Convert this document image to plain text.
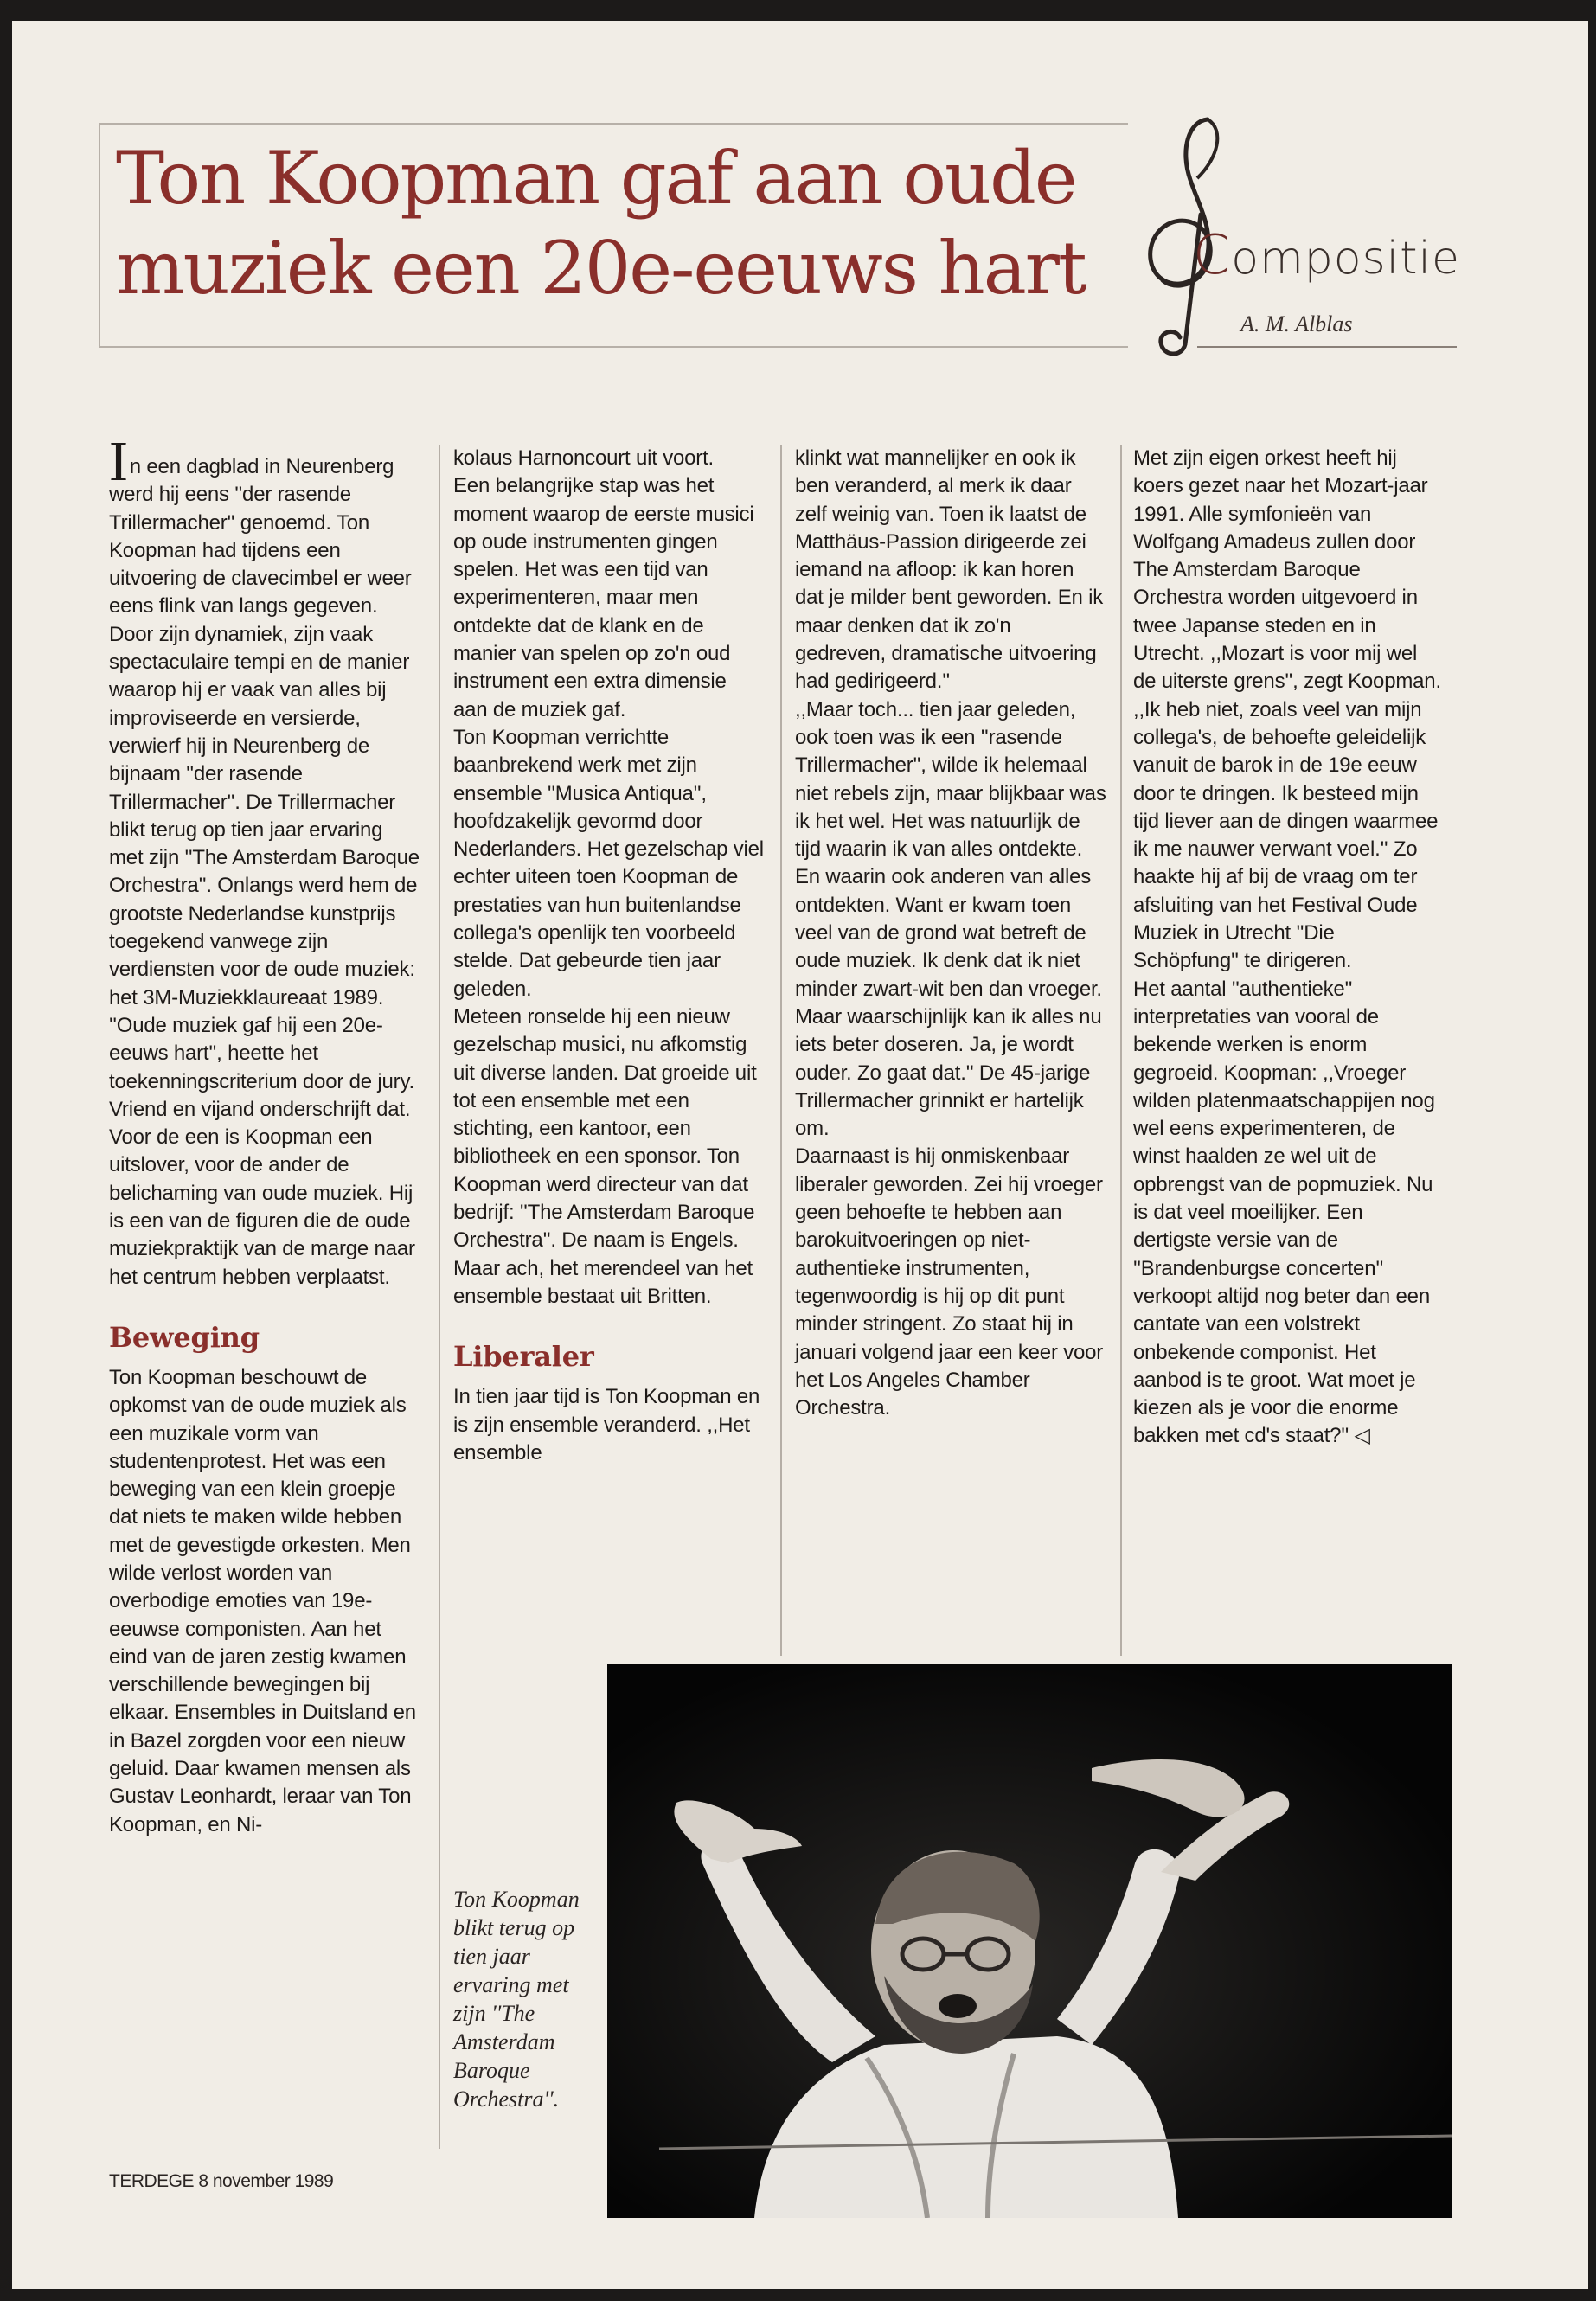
Ton Koopman gaf aan oude
muziek een 20e-eeuws hart	Compositie
A. M. Alblas

In een dagblad in Neurenberg werd hij eens ''der rasende Trillermacher'' genoemd. Ton Koopman had tijdens een uitvoering de clavecimbel er weer eens flink van langs gegeven. Door zijn dynamiek, zijn vaak spectaculaire tempi en de manier waarop hij er vaak van alles bij improviseerde en versierde, verwierf hij in Neurenberg de bijnaam ''der rasende Trillermacher''. De Trillermacher blikt terug op tien jaar ervaring met zijn ''The Amsterdam Baroque Orchestra''. Onlangs werd hem de grootste Nederlandse kunstprijs toegekend vanwege zijn verdiensten voor de oude muziek: het 3M-Muziekklaureaat 1989. ''Oude muziek gaf hij een 20e-eeuws hart'', heette het toekenningscriterium door de jury. Vriend en vijand onderschrijft dat. Voor de een is Koopman een uitslover, voor de ander de belichaming van oude muziek. Hij is een van de figuren die de oude muziekpraktijk van de marge naar het centrum hebben verplaatst.

Beweging

Ton Koopman beschouwt de opkomst van de oude muziek als een muzikale vorm van studentenprotest. Het was een beweging van een klein groepje dat niets te maken wilde hebben met de gevestigde orkesten. Men wilde verlost worden van overbodige emoties van 19e-eeuwse componisten. Aan het eind van de jaren zestig kwamen verschillende bewegingen bij elkaar. Ensembles in Duitsland en in Bazel zorgden voor een nieuw geluid. Daar kwamen mensen als Gustav Leonhardt, leraar van Ton Koopman, en Ni-

kolaus Harnoncourt uit voort.

Een belangrijke stap was het moment waarop de eerste musici op oude instrumenten gingen spelen. Het was een tijd van experimenteren, maar men ontdekte dat de klank en de manier van spelen op zo'n oud instrument een extra dimensie aan de muziek gaf.

Ton Koopman verrichtte baanbrekend werk met zijn ensemble ''Musica Antiqua'', hoofdzakelijk gevormd door Nederlanders. Het gezelschap viel echter uiteen toen Koopman de prestaties van hun buitenlandse collega's openlijk ten voorbeeld stelde. Dat gebeurde tien jaar geleden.

Meteen ronselde hij een nieuw gezelschap musici, nu afkomstig uit diverse landen. Dat groeide uit tot een ensemble met een stichting, een kantoor, een bibliotheek en een sponsor. Ton Koopman werd directeur van dat bedrijf: ''The Amsterdam Baroque Orchestra''. De naam is Engels. Maar ach, het merendeel van het ensemble bestaat uit Britten.

Liberaler

In tien jaar tijd is Ton Koopman en is zijn ensemble veranderd. ,,Het ensemble

klinkt wat mannelijker en ook ik ben veranderd, al merk ik daar zelf weinig van. Toen ik laatst de Matthäus-Passion dirigeerde zei iemand na afloop: ik kan horen dat je milder bent geworden. En ik maar denken dat ik zo'n gedreven, dramatische uitvoering had gedirigeerd.''

,,Maar toch... tien jaar geleden, ook toen was ik een ''rasende Trillermacher'', wilde ik helemaal niet rebels zijn, maar blijkbaar was ik het wel. Het was natuurlijk de tijd waarin ik van alles ontdekte. En waarin ook anderen van alles ontdekten. Want er kwam toen veel van de grond wat betreft de oude muziek. Ik denk dat ik niet minder zwart-wit ben dan vroeger. Maar waarschijnlijk kan ik alles nu iets beter doseren. Ja, je wordt ouder. Zo gaat dat.'' De 45-jarige Trillermacher grinnikt er hartelijk om.

Daarnaast is hij onmiskenbaar liberaler geworden. Zei hij vroeger geen behoefte te hebben aan barokuitvoeringen op niet-authentieke instrumenten, tegenwoordig is hij op dit punt minder stringent. Zo staat hij in januari volgend jaar een keer voor het Los Angeles Chamber Orchestra.

Met zijn eigen orkest heeft hij koers gezet naar het Mozart-jaar 1991. Alle symfonieën van Wolfgang Amadeus zullen door The Amsterdam Baroque Orchestra worden uitgevoerd in twee Japanse steden en in Utrecht. ,,Mozart is voor mij wel de uiterste grens'', zegt Koopman. ,,Ik heb niet, zoals veel van mijn collega's, de behoefte geleidelijk vanuit de barok in de 19e eeuw door te dringen. Ik besteed mijn tijd liever aan de dingen waarmee ik me nauwer verwant voel.'' Zo haakte hij af bij de vraag om ter afsluiting van het Festival Oude Muziek in Utrecht ''Die Schöpfung'' te dirigeren.

Het aantal ''authentieke'' interpretaties van vooral de bekende werken is enorm gegroeid. Koopman: ,,Vroeger wilden platenmaatschappijen nog wel eens experimenteren, de winst haalden ze wel uit de opbrengst van de popmuziek. Nu is dat veel moeilijker. Een dertigste versie van de ''Brandenburgse concerten'' verkoopt altijd nog beter dan een cantate van een volstrekt onbekende componist. Het aanbod is te groot. Wat moet je kiezen als je voor die enorme bakken met cd's staat?'' ◁

Ton Koopman blikt terug op tien jaar ervaring met zijn ''The Amsterdam Baroque Orchestra''.
TERDEGE 8 november 1989
